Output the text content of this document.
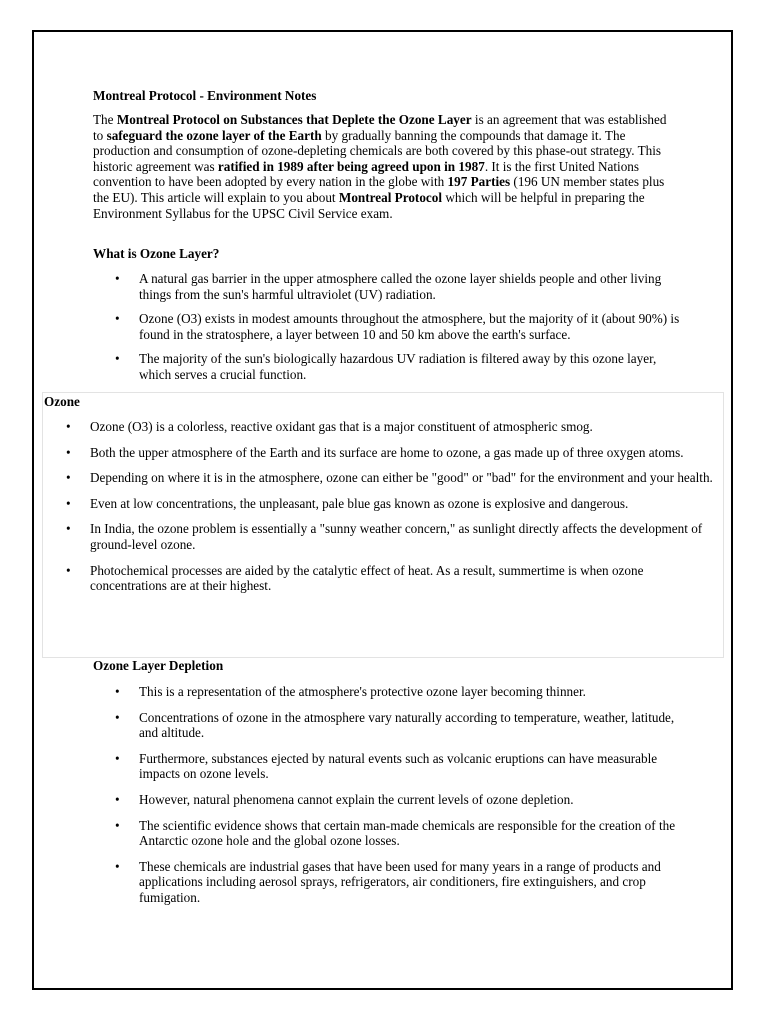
Montreal Protocol - Environment Notes

The Montreal Protocol on Substances that Deplete the Ozone Layer is an agreement that was established to safeguard the ozone layer of the Earth by gradually banning the compounds that damage it. The production and consumption of ozone-depleting chemicals are both covered by this phase-out strategy. This historic agreement was ratified in 1989 after being agreed upon in 1987. It is the first United Nations convention to have been adopted by every nation in the globe with 197 Parties (196 UN member states plus the EU). This article will explain to you about Montreal Protocol which will be helpful in preparing the Environment Syllabus for the UPSC Civil Service exam.

What is Ozone Layer?
• A natural gas barrier in the upper atmosphere called the ozone layer shields people and other living things from the sun's harmful ultraviolet (UV) radiation.
• Ozone (O3) exists in modest amounts throughout the atmosphere, but the majority of it (about 90%) is found in the stratosphere, a layer between 10 and 50 km above the earth's surface.
• The majority of the sun's biologically hazardous UV radiation is filtered away by this ozone layer, which serves a crucial function.
Ozone
• Ozone (O3) is a colorless, reactive oxidant gas that is a major constituent of atmospheric smog.
• Both the upper atmosphere of the Earth and its surface are home to ozone, a gas made up of three oxygen atoms.
• Depending on where it is in the atmosphere, ozone can either be "good" or "bad" for the environment and your health.
• Even at low concentrations, the unpleasant, pale blue gas known as ozone is explosive and dangerous.
• In India, the ozone problem is essentially a "sunny weather concern," as sunlight directly affects the development of ground-level ozone.
• Photochemical processes are aided by the catalytic effect of heat. As a result, summertime is when ozone concentrations are at their highest.
Ozone Layer Depletion
• This is a representation of the atmosphere's protective ozone layer becoming thinner.
• Concentrations of ozone in the atmosphere vary naturally according to temperature, weather, latitude, and altitude.
• Furthermore, substances ejected by natural events such as volcanic eruptions can have measurable impacts on ozone levels.
• However, natural phenomena cannot explain the current levels of ozone depletion.
• The scientific evidence shows that certain man-made chemicals are responsible for the creation of the Antarctic ozone hole and the global ozone losses.
• These chemicals are industrial gases that have been used for many years in a range of products and applications including aerosol sprays, refrigerators, air conditioners, fire extinguishers, and crop fumigation.
